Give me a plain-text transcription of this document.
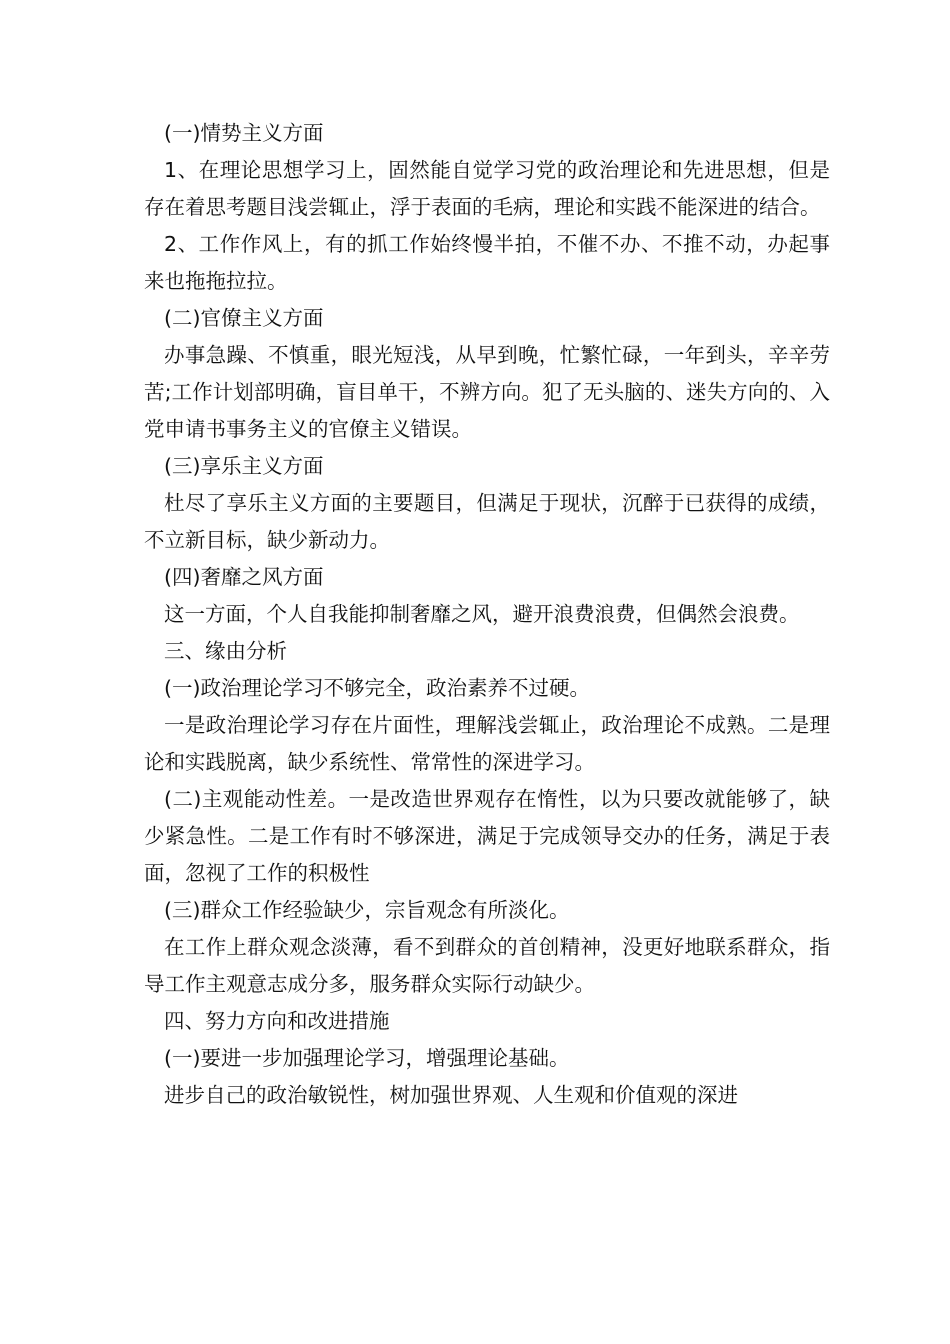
(一)情势主义方面

1、在理论思想学习上，固然能自觉学习党的政治理论和先进思想，但是存在着思考题目浅尝辄止，浮于表面的毛病，理论和实践不能深进的结合。

2、工作作风上，有的抓工作始终慢半拍，不催不办、不推不动，办起事来也拖拖拉拉。

(二)官僚主义方面

办事急躁、不慎重，眼光短浅，从早到晚，忙繁忙碌，一年到头，辛辛劳苦;工作计划部明确，盲目单干，不辨方向。犯了无头脑的、迷失方向的、入党申请书事务主义的官僚主义错误。

(三)享乐主义方面

杜尽了享乐主义方面的主要题目，但满足于现状，沉醉于已获得的成绩，不立新目标，缺少新动力。

(四)奢靡之风方面

这一方面，个人自我能抑制奢靡之风，避开浪费浪费，但偶然会浪费。

三、缘由分析

(一)政治理论学习不够完全，政治素养不过硬。

一是政治理论学习存在片面性，理解浅尝辄止，政治理论不成熟。二是理论和实践脱离，缺少系统性、常常性的深进学习。

(二)主观能动性差。一是改造世界观存在惰性，以为只要改就能够了，缺少紧急性。二是工作有时不够深进，满足于完成领导交办的任务，满足于表面，忽视了工作的积极性

(三)群众工作经验缺少，宗旨观念有所淡化。

在工作上群众观念淡薄，看不到群众的首创精神，没更好地联系群众，指导工作主观意志成分多，服务群众实际行动缺少。

四、努力方向和改进措施

(一)要进一步加强理论学习，增强理论基础。

进步自己的政治敏锐性，树加强世界观、人生观和价值观的深进
